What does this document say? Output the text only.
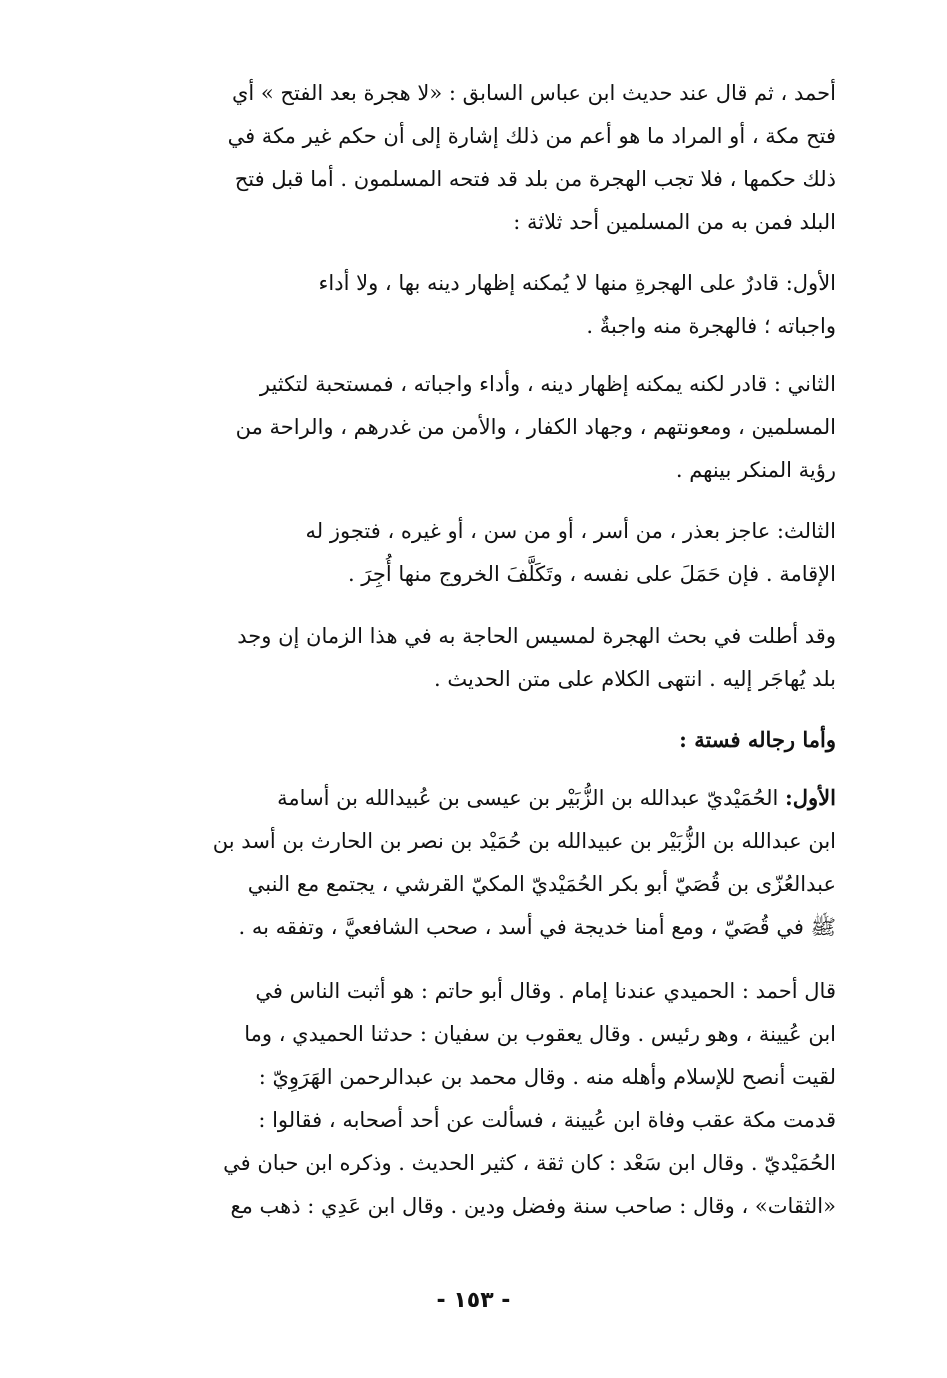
أحمد ، ثم قال عند حديث ابن عباس السابق : «لا هجرة بعد الفتح » أي

فتح مكة ، أو المراد ما هو أعم من ذلك إشارة إلى أن حكم غير مكة في

ذلك حكمها ، فلا تجب الهجرة من بلد قد فتحه المسلمون . أما قبل فتح

البلد فمن به من المسلمين أحد ثلاثة :

الأول: قادرٌ على الهجرةِ منها لا يُمكنه إظهار دينه بها ، ولا أداء

واجباته ؛ فالهجرة منه واجبةٌ .

الثاني : قادر لكنه يمكنه إظهار دينه ، وأداء واجباته ، فمستحبة لتكثير

المسلمين ، ومعونتهم ، وجهاد الكفار ، والأمن من غدرهم ، والراحة من

رؤية المنكر بينهم .

الثالث: عاجز بعذر ، من أسر ، أو من سن ، أو غيره ، فتجوز له

الإقامة . فإن حَمَلَ على نفسه ، وتَكَلَّفَ الخروج منها أُجِرَ .

وقد أطلت في بحث الهجرة لمسيس الحاجة به في هذا الزمان إن وجد

بلد يُهاجَر إليه . انتهى الكلام على متن الحديث .

وأما رجاله فستة :

الأول: الحُمَيْديّ عبدالله بن الزُّبَيْر بن عيسى بن عُبيدالله بن أسامة

ابن عبدالله بن الزُّبَيْر بن عبيدالله بن حُمَيْد بن نصر بن الحارث بن أسد بن

عبدالعُزّى بن قُصَيّ أبو بكر الحُمَيْديّ المكيّ القرشي ، يجتمع مع النبي

ﷺ في قُصَيّ ، ومع أمنا خديجة في أسد ، صحب الشافعيَّ ، وتفقه به .

قال أحمد : الحميدي عندنا إمام . وقال أبو حاتم : هو أثبت الناس في

ابن عُيينة ، وهو رئيس . وقال يعقوب بن سفيان : حدثنا الحميدي ، وما

لقيت أنصح للإسلام وأهله منه . وقال محمد بن عبدالرحمن الهَرَوِيّ :

قدمت مكة عقب وفاة ابن عُيينة ، فسألت عن أحد أصحابه ، فقالوا :

الحُمَيْديّ . وقال ابن سَعْد : كان ثقة ، كثير الحديث . وذكره ابن حبان في

«الثقات» ، وقال : صاحب سنة وفضل ودين . وقال ابن عَدِي : ذهب مع

- ١٥٣ -
